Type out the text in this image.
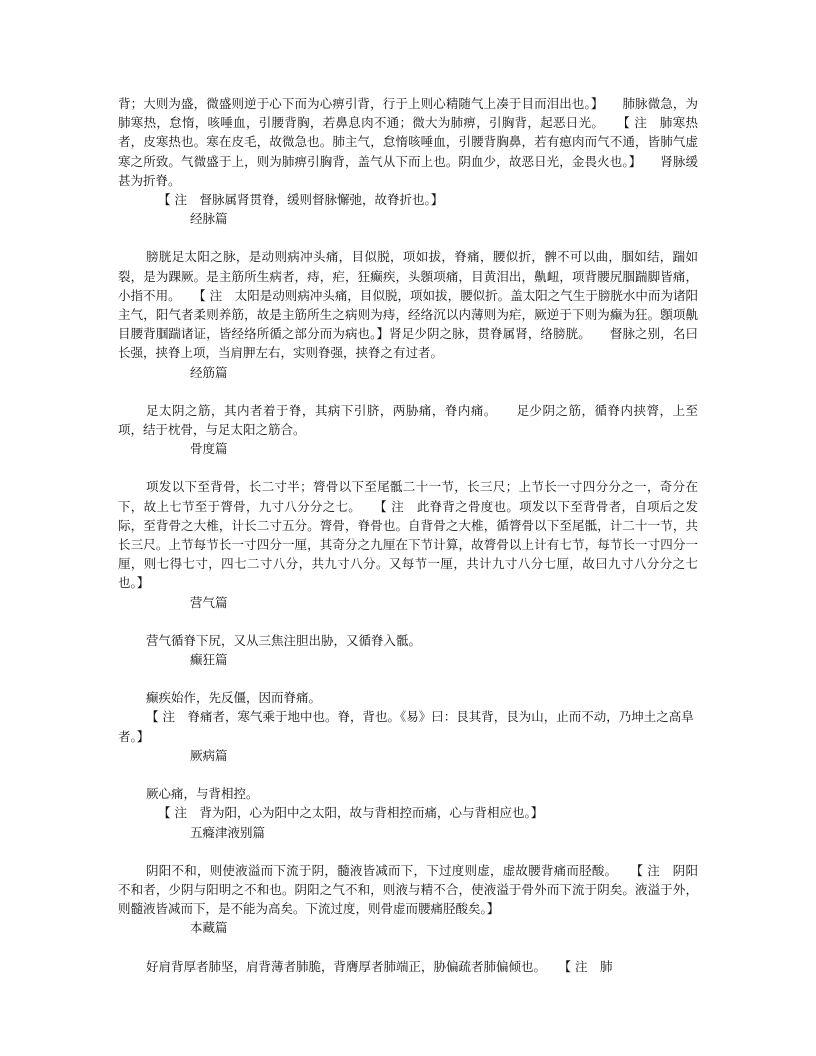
背；大则为盛，微盛则逆于心下而为心痹引背，行于上则心精随气上凑于目而泪出也。】　　肺脉微急，为肺寒热，怠惰，咳唾血，引腰背胸，若鼻息肉不通；微大为肺痹，引胸背，起恶日光。　　【 注　肺寒热者，皮寒热也。寒在皮毛，故微急也。肺主气，怠惰咳唾血，引腰背胸鼻，若有瘜肉而气不通，皆肺气虚寒之所致。气微盛于上，则为肺痹引胸背，盖气从下而上也。阴血少，故恶日光，金畏火也。】　　肾脉缓甚为折脊。

【 注　督脉属肾贯脊，缓则督脉懈弛，故脊折也。】

经脉篇

膀胱足太阳之脉，是动则病冲头痛，目似脱，项如拔，脊痛，腰似折，髀不可以曲，腘如结，踹如裂，是为踝厥。是主筋所生病者，痔，疟，狂癫疾，头顖项痛，目黄泪出，鼽衄，项背腰尻腘踹脚皆痛，小指不用。　　【 注　太阳是动则病冲头痛，目似脱，项如拔，腰似折。盖太阳之气生于膀胱水中而为诸阳主气，阳气者柔则养筋，故是主筋所生之病则为痔，经络沉以内薄则为疟，厥逆于下则为癫为狂。顖项鼽目腰背腘踹诸证，皆经络所循之部分而为病也。】肾足少阴之脉，贯脊属肾，络膀胱。　　督脉之别，名曰长强，挟脊上项，当肩胛左右，实则脊强，挟脊之有过者。

经筋篇

足太阴之筋，其内者着于脊，其病下引脐，两胁痛，脊内痛。　　足少阴之筋，循脊内挟膂，上至项，结于枕骨，与足太阳之筋合。

骨度篇

项发以下至背骨，长二寸半；膂骨以下至尾骶二十一节，长三尺；上节长一寸四分分之一，奇分在下，故上七节至于膂骨，九寸八分分之七。　　【 注　此脊背之骨度也。项发以下至背骨者，自项后之发际，至背骨之大椎，计长二寸五分。膂骨，脊骨也。自背骨之大椎，循膂骨以下至尾骶，计二十一节，共长三尺。上节每节长一寸四分一厘，其奇分之九厘在下节计算，故膂骨以上计有七节，每节长一寸四分一厘，则七得七寸，四七二寸八分，共九寸八分。又每节一厘，共计九寸八分七厘，故曰九寸八分分之七也。】

营气篇

营气循脊下尻，又从三焦注胆出胁，又循脊入骶。

癫狂篇

癫疾始作，先反僵，因而脊痛。

【 注　脊痛者，寒气乘于地中也。脊，背也。《易》曰：艮其背，艮为山，止而不动，乃坤土之高阜者。】

厥病篇

厥心痛，与背相控。

【 注　背为阳，心为阳中之太阳，故与背相控而痛，心与背相应也。】

五癃津液别篇

阴阳不和，则使液溢而下流于阴，髓液皆减而下，下过度则虚，虚故腰背痛而胫酸。　　【 注　阴阳不和者，少阴与阳明之不和也。阴阳之气不和，则液与精不合，使液溢于骨外而下流于阴矣。液溢于外，则髓液皆减而下，是不能为高矣。下流过度，则骨虚而腰痛胫酸矣。】

本藏篇

好肩背厚者肺坚，肩背薄者肺脆，背膺厚者肺端正，胁偏疏者肺偏倾也。　　【 注　肺
